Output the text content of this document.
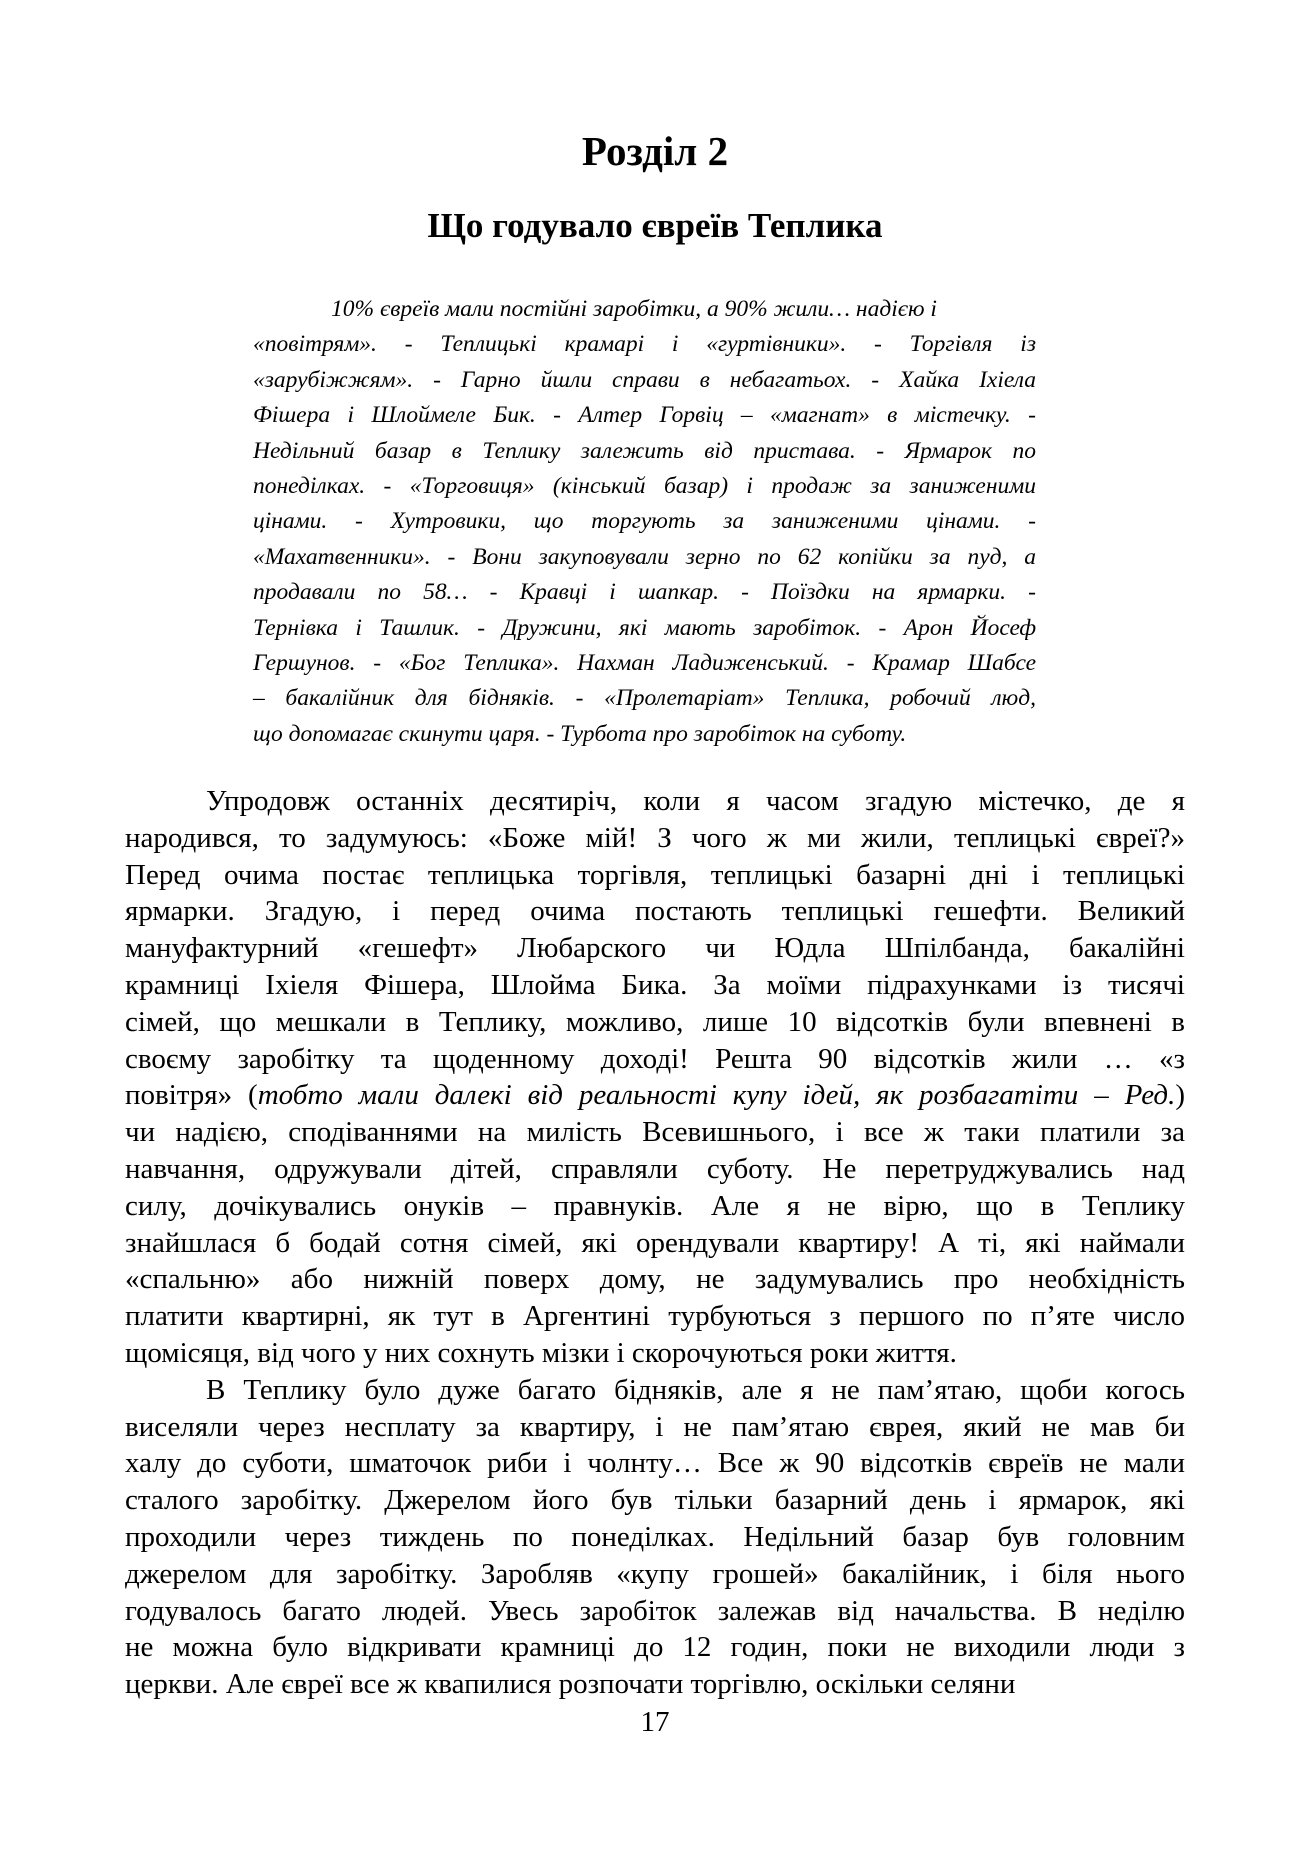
Розділ 2
Що годувало євреїв Теплика
10% євреїв мали постійні заробітки, а 90% жили… надією і
«повітрям». - Теплицькі крамарі і «гуртівники». - Торгівля із
«зарубіжжям». - Гарно йшли справи в небагатьох. - Хайка Іхіела
Фішера і Шлоймеле Бик. - Алтер Горвіц – «магнат» в містечку. -
Недільний базар в Теплику залежить від пристава. - Ярмарок по
понеділках. - «Торговиця» (кінський базар) і продаж за заниженими
цінами. - Хутровики, що торгують за заниженими цінами. -
«Махатвенники». - Вони закуповували зерно по 62 копійки за пуд, а
продавали по 58… - Кравці і шапкар. - Поїздки на ярмарки. -
Тернівка і Ташлик. - Дружини, які мають заробіток. - Арон Йосеф
Гершунов. - «Бог Теплика». Нахман Ладиженський. - Крамар Шабсе
– бакалійник для бідняків. - «Пролетаріат» Теплика, робочий люд,
що допомагає скинути царя. - Турбота про заробіток на суботу.
Упродовж останніх десятиріч, коли я часом згадую містечко, де я
народився, то задумуюсь: «Боже мій! З чого ж ми жили, теплицькі євреї?»
Перед очима постає теплицька торгівля, теплицькі базарні дні і теплицькі
ярмарки. Згадую, і перед очима постають теплицькі гешефти. Великий
мануфактурний «гешефт» Любарского чи Юдла Шпілбанда, бакалійні
крамниці Іхіеля Фішера, Шлойма Бика. За моїми підрахунками із тисячі
сімей, що мешкали в Теплику, можливо, лише 10 відсотків були впевнені в
своєму заробітку та щоденному доході! Решта 90 відсотків жили … «з
повітря» (тобто мали далекі від реальності купу ідей, як розбагатіти – Ред.)
чи надією, сподіваннями на милість Всевишнього, і все ж таки платили за
навчання, одружували дітей, справляли суботу. Не перетруджувались над
силу, дочікувались онуків – правнуків. Але я не вірю, що в Теплику
знайшлася б бодай сотня сімей, які орендували квартиру! А ті, які наймали
«спальню» або нижній поверх дому, не задумувались про необхідність
платити квартирні, як тут в Аргентині турбуються з першого по п’яте число
щомісяця, від чого у них сохнуть мізки і скорочуються роки життя.
В Теплику було дуже багато бідняків, але я не пам’ятаю, щоби когось
виселяли через несплату за квартиру, і не пам’ятаю єврея, який не мав би
халу до суботи, шматочок риби і чолнту… Все ж 90 відсотків євреїв не мали
сталого заробітку. Джерелом його був тільки базарний день і ярмарок, які
проходили через тиждень по понеділках. Недільний базар був головним
джерелом для заробітку. Заробляв «купу грошей» бакалійник, і біля нього
годувалось багато людей. Увесь заробіток залежав від начальства. В неділю
не можна було відкривати крамниці до 12 годин, поки не виходили люди з
церкви. Але євреї все ж квапилися розпочати торгівлю, оскільки селяни
17
